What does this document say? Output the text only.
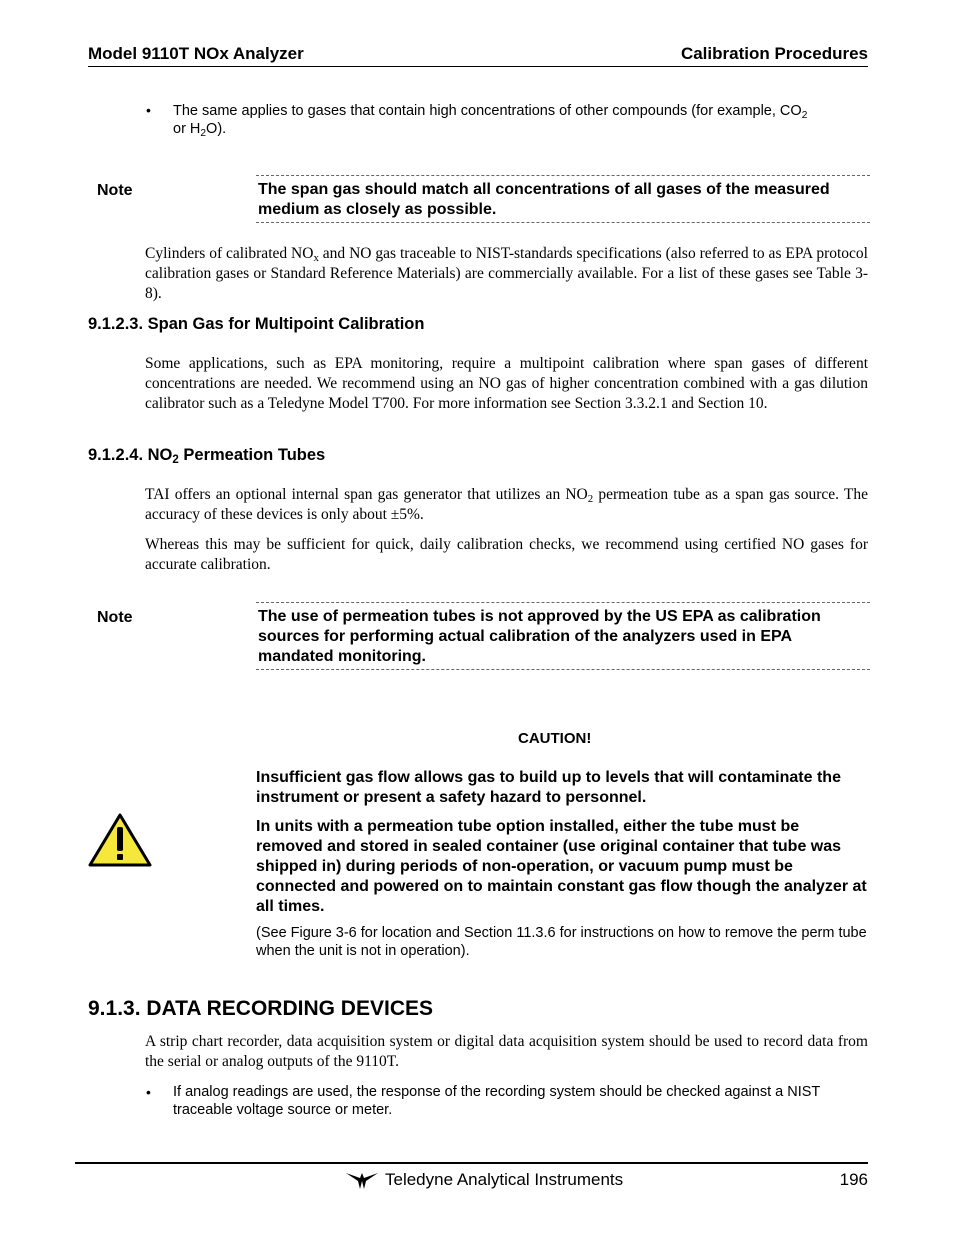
Model 9110T NOx Analyzer	Calibration Procedures
• The same applies to gases that contain high concentrations of other compounds (for example, $CO_2$
or $H_2O$).
Note	The span gas should match all concentrations of all gases of the measured medium as closely as possible.
Cylinders of calibrated $NO_x$ and NO gas traceable to NIST-standards specifications (also referred to as EPA protocol calibration gases or Standard Reference Materials) are commercially available. For a list of these gases see Table 3-8).
9.1.2.3. Span Gas for Multipoint Calibration
Some applications, such as EPA monitoring, require a multipoint calibration where span gases of different concentrations are needed. We recommend using an NO gas of higher concentration combined with a gas dilution calibrator such as a Teledyne Model T700. For more information see Section 3.3.2.1 and Section 10.
9.1.2.4. $NO_2$ Permeation Tubes
TAI offers an optional internal span gas generator that utilizes an $NO_2$ permeation tube as a span gas source. The accuracy of these devices is only about ±5%.
Whereas this may be sufficient for quick, daily calibration checks, we recommend using certified NO gases for accurate calibration.
Note	The use of permeation tubes is not approved by the US EPA as calibration sources for performing actual calibration of the analyzers used in EPA mandated monitoring.
CAUTION!
Insufficient gas flow allows gas to build up to levels that will contaminate the instrument or present a safety hazard to personnel.
In units with a permeation tube option installed, either the tube must be removed and stored in sealed container (use original container that tube was shipped in) during periods of non-operation, or vacuum pump must be connected and powered on to maintain constant gas flow though the analyzer at all times.
(See Figure 3-6 for location and Section 11.3.6 for instructions on how to remove the perm tube when the unit is not in operation).
9.1.3. DATA RECORDING DEVICES
A strip chart recorder, data acquisition system or digital data acquisition system should be used to record data from the serial or analog outputs of the 9110T.
• If analog readings are used, the response of the recording system should be checked against a NIST traceable voltage source or meter.
Teledyne Analytical Instruments	196
